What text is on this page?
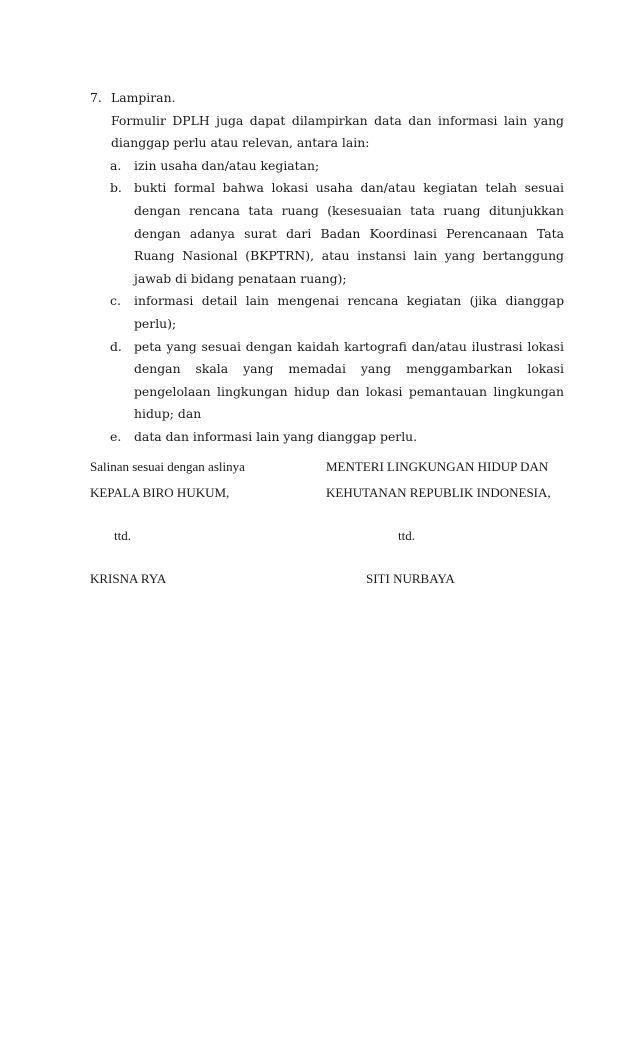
7. Lampiran.
Formulir DPLH juga dapat dilampirkan data dan informasi lain yang dianggap perlu atau relevan, antara lain:
a. izin usaha dan/atau kegiatan;
b. bukti formal bahwa lokasi usaha dan/atau kegiatan telah sesuai dengan rencana tata ruang (kesesuaian tata ruang ditunjukkan dengan adanya surat dari Badan Koordinasi Perencanaan Tata Ruang Nasional (BKPTRN), atau instansi lain yang bertanggung jawab di bidang penataan ruang);
c. informasi detail lain mengenai rencana kegiatan (jika dianggap perlu);
d. peta yang sesuai dengan kaidah kartografi dan/atau ilustrasi lokasi dengan skala yang memadai yang menggambarkan lokasi pengelolaan lingkungan hidup dan lokasi pemantauan lingkungan hidup; dan
e. data dan informasi lain yang dianggap perlu.
Salinan sesuai dengan aslinya
KEPALA BIRO HUKUM,
ttd.
KRISNA RYA
MENTERI LINGKUNGAN HIDUP DAN
KEHUTANAN REPUBLIK INDONESIA,
ttd.
SITI NURBAYA
